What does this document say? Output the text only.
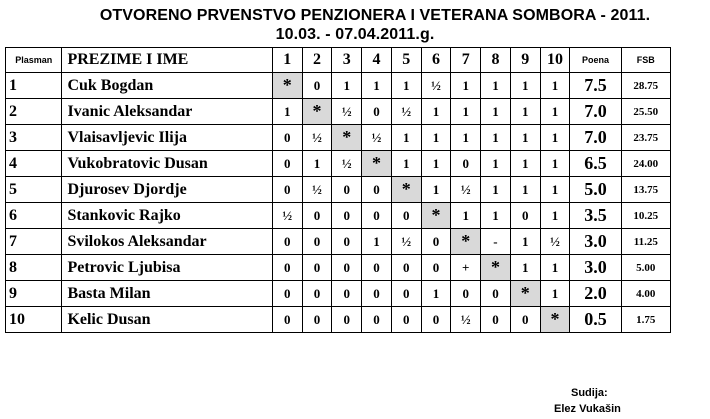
OTVORENO PRVENSTVO PENZIONERA I VETERANA SOMBORA - 2011.
10.03. - 07.04.2011.g.
Plasman	PREZIME I IME	1	2	3	4	5	6	7	8	9	10	Poena	FSB
1	Cuk Bogdan	*	0	1	1	1	½	1	1	1	1	7.5	28.75
2	Ivanic Aleksandar	1	*	½	0	½	1	1	1	1	1	7.0	25.50
3	Vlaisavljevic Ilija	0	½	*	½	1	1	1	1	1	1	7.0	23.75
4	Vukobratovic Dusan	0	1	½	*	1	1	0	1	1	1	6.5	24.00
5	Djurosev Djordje	0	½	0	0	*	1	½	1	1	1	5.0	13.75
6	Stankovic Rajko	½	0	0	0	0	*	1	1	0	1	3.5	10.25
7	Svilokos Aleksandar	0	0	0	1	½	0	*	-	1	½	3.0	11.25
8	Petrovic Ljubisa	0	0	0	0	0	0	+	*	1	1	3.0	5.00
9	Basta Milan	0	0	0	0	0	1	0	0	*	1	2.0	4.00
10	Kelic Dusan	0	0	0	0	0	0	½	0	0	*	0.5	1.75
Sudija:
Elez Vukašin
